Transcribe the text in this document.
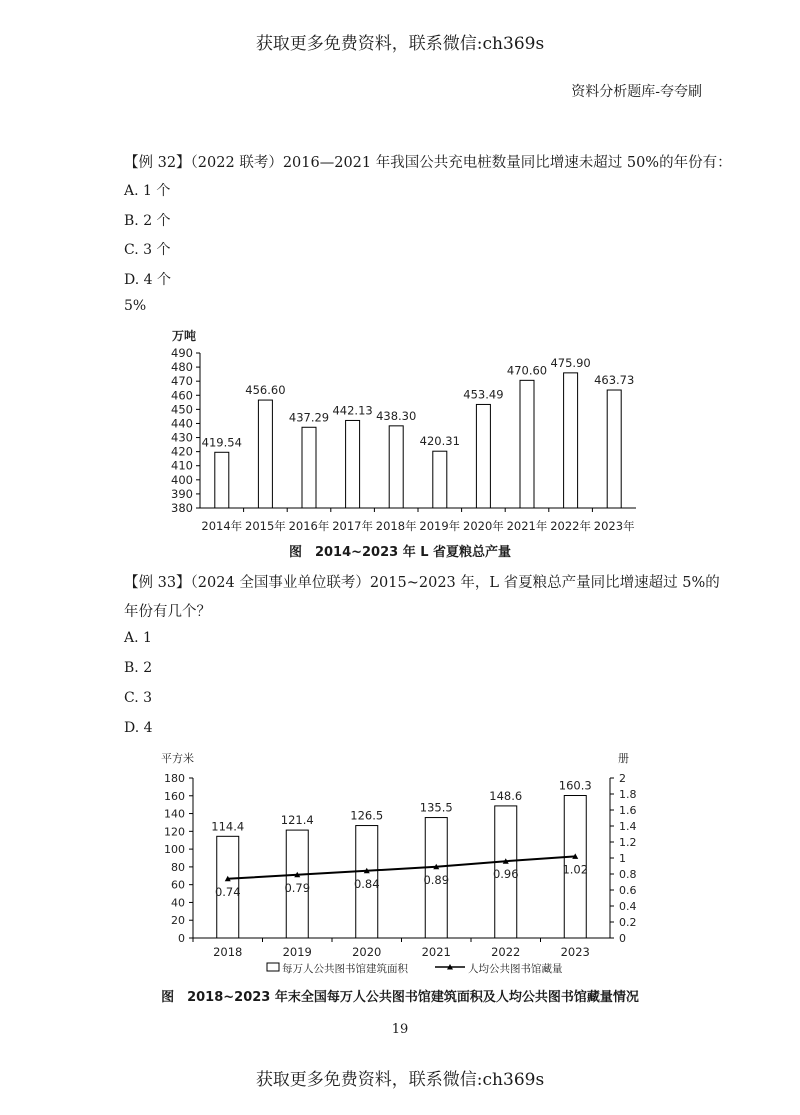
获取更多免费资料，联系微信:ch369s
资料分析题库-夸夸刷
【例 32】（2022 联考）2016—2021 年我国公共充电桩数量同比增速未超过 50%的年份有：
A. 1 个
B. 2 个
C. 3 个
D. 4 个
5%
万吨
380
390
400
410
420
430
440
450
460
470
480
490
419.54
2014年
456.60
2015年
437.29
2016年
442.13
2017年
438.30
2018年
420.31
2019年
453.49
2020年
470.60
2021年
475.90
2022年
463.73
2023年
图　2014~2023 年 L 省夏粮总产量
【例 33】（2024 全国事业单位联考）2015~2023 年，L 省夏粮总产量同比增速超过 5%的
年份有几个？
A. 1
B. 2
C. 3
D. 4
平方米	册
0
20
40
60
80
100
120
140
160
180
0
0.2
0.4
0.6
0.8
1
1.2
1.4
1.6
1.8
2
114.4
2018
121.4
2019
126.5
2020
135.5
2021
148.6
2022
160.3
2023
0.74	0.79	0.84	0.89	0.96	1.02
每万人公共图书馆建筑面积	人均公共图书馆藏量
图　2018~2023 年末全国每万人公共图书馆建筑面积及人均公共图书馆藏量情况
19
获取更多免费资料，联系微信:ch369s
